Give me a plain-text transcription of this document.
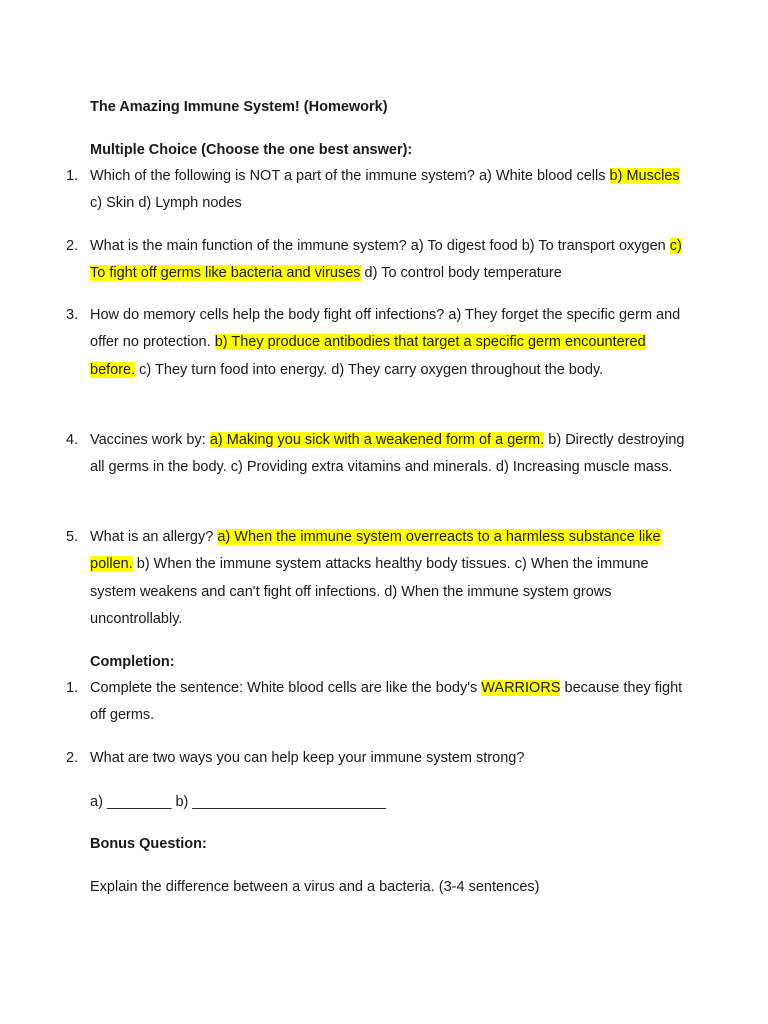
The Amazing Immune System! (Homework)
Multiple Choice (Choose the one best answer):
1. Which of the following is NOT a part of the immune system? a) White blood cells b) Muscles c) Skin d) Lymph nodes
2. What is the main function of the immune system? a) To digest food b) To transport oxygen c) To fight off germs like bacteria and viruses d) To control body temperature
3. How do memory cells help the body fight off infections? a) They forget the specific germ and offer no protection. b) They produce antibodies that target a specific germ encountered before. c) They turn food into energy. d) They carry oxygen throughout the body.
4. Vaccines work by: a) Making you sick with a weakened form of a germ. b) Directly destroying all germs in the body. c) Providing extra vitamins and minerals. d) Increasing muscle mass.
5. What is an allergy? a) When the immune system overreacts to a harmless substance like pollen. b) When the immune system attacks healthy body tissues. c) When the immune system weakens and can't fight off infections. d) When the immune system grows uncontrollably.
Completion:
1. Complete the sentence: White blood cells are like the body's WARRIORS because they fight off germs.
2. What are two ways you can help keep your immune system strong?
a) ________ b) ________________________
Bonus Question:
Explain the difference between a virus and a bacteria. (3-4 sentences)
